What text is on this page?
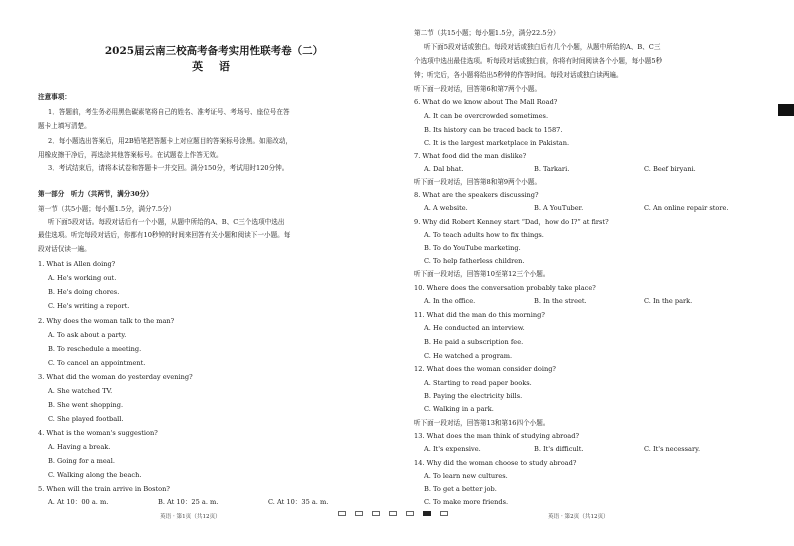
2025届云南三校高考备考实用性联考卷（二）
英 语
注意事项：
1．答题前，考生务必用黑色碳素笔将自己的姓名、准考证号、考场号、座位号在答
题卡上填写清楚。
2．每小题选出答案后，用2B铅笔把答题卡上对应题目的答案标号涂黑。如需改动，
用橡皮擦干净后，再选涂其他答案标号。在试题卷上作答无效。
3．考试结束后，请将本试卷和答题卡一并交回。满分150分，考试用时120分钟。
第一部分　听力（共两节，满分30分）
第一节（共5小题；每小题1.5分，满分7.5分）
听下面5段对话。每段对话后有一个小题，从题中所给的A、B、C三个选项中选出
最佳选项。听完每段对话后，你都有10秒钟的时间来回答有关小题和阅读下一小题。每
段对话仅读一遍。
1. What is Allen doing?
A. He's working out.
B. He's doing chores.
C. He's writing a report.
2. Why does the woman talk to the man?
A. To ask about a party.
B. To reschedule a meeting.
C. To cancel an appointment.
3. What did the woman do yesterday evening?
A. She watched TV.
B. She went shopping.
C. She played football.
4. What is the woman's suggestion?
A. Having a break.
B. Going for a meal.
C. Walking along the beach.
5. When will the train arrive in Boston?
A. At 10：00 a. m.	B. At 10：25 a. m.	C. At 10：35 a. m.
第二节（共15小题；每小题1.5分，满分22.5分）
听下面5段对话或独白。每段对话或独白后有几个小题，从题中所给的A、B、C三
个选项中选出最佳选项。听每段对话或独白前，你将有时间阅读各个小题，每小题5秒
钟；听完后，各小题将给出5秒钟的作答时间。每段对话或独白读两遍。
听下面一段对话，回答第6和第7两个小题。
6. What do we know about The Mall Road?
A. It can be overcrowded sometimes.
B. Its history can be traced back to 1587.
C. It is the largest marketplace in Pakistan.
7. What food did the man dislike?
A. Dal bhat.	B. Tarkari.	C. Beef biryani.
听下面一段对话，回答第8和第9两个小题。
8. What are the speakers discussing?
A. A website.	B. A YouTuber.	C. An online repair store.
9. Why did Robert Kenney start “Dad，how do I?” at first?
A. To teach adults how to fix things.
B. To do YouTube marketing.
C. To help fatherless children.
听下面一段对话，回答第10至第12三个小题。
10. Where does the conversation probably take place?
A. In the office.	B. In the street.	C. In the park.
11. What did the man do this morning?
A. He conducted an interview.
B. He paid a subscription fee.
C. He watched a program.
12. What does the woman consider doing?
A. Starting to read paper books.
B. Paying the electricity bills.
C. Walking in a park.
听下面一段对话，回答第13和第16四个小题。
13. What does the man think of studying abroad?
A. It's expensive.	B. It's difficult.	C. It's necessary.
14. Why did the woman choose to study abroad?
A. To learn new cultures.
B. To get a better job.
C. To make more friends.
英语 · 第1页（共12页）	英语 · 第2页（共12页）
